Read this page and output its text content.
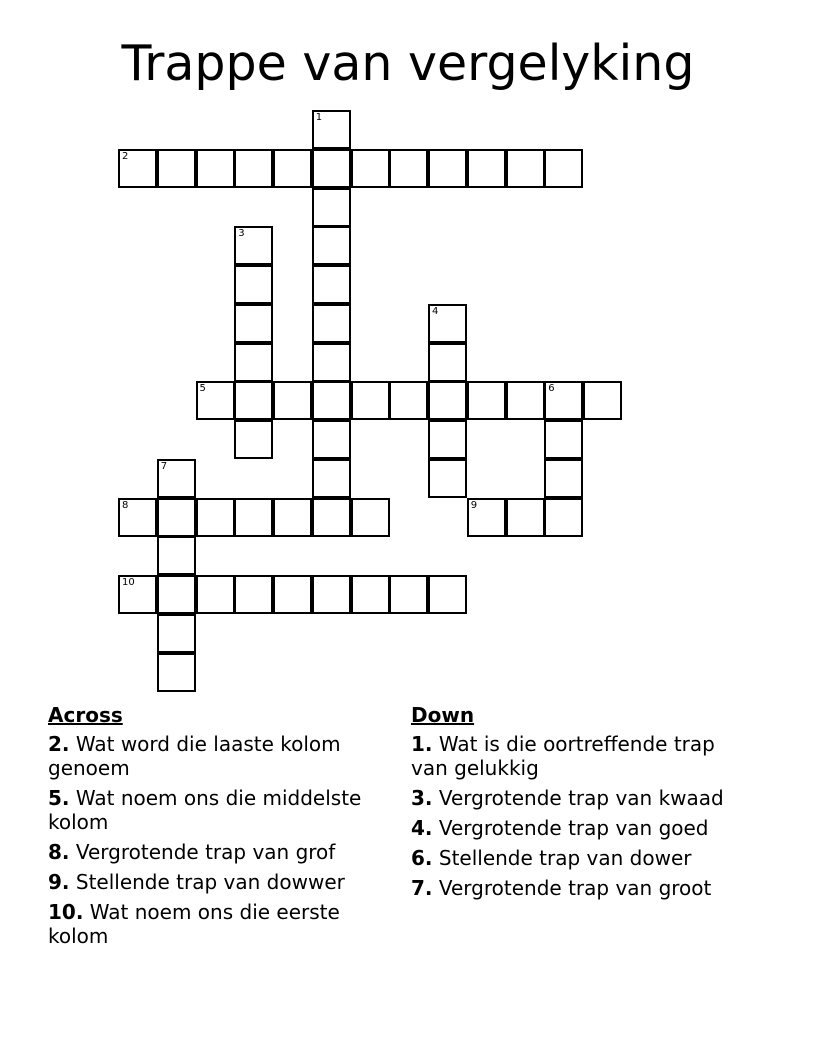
Trappe van vergelyking
1
2
3
4
5	6
7
8	9
10
Across
2. Wat word die laaste kolom genoem
5. Wat noem ons die middelste kolom
8. Vergrotende trap van grof
9. Stellende trap van dowwer
10. Wat noem ons die eerste kolom
Down
1. Wat is die oortreffende trap van gelukkig
3. Vergrotende trap van kwaad
4. Vergrotende trap van goed
6. Stellende trap van dower
7. Vergrotende trap van groot
